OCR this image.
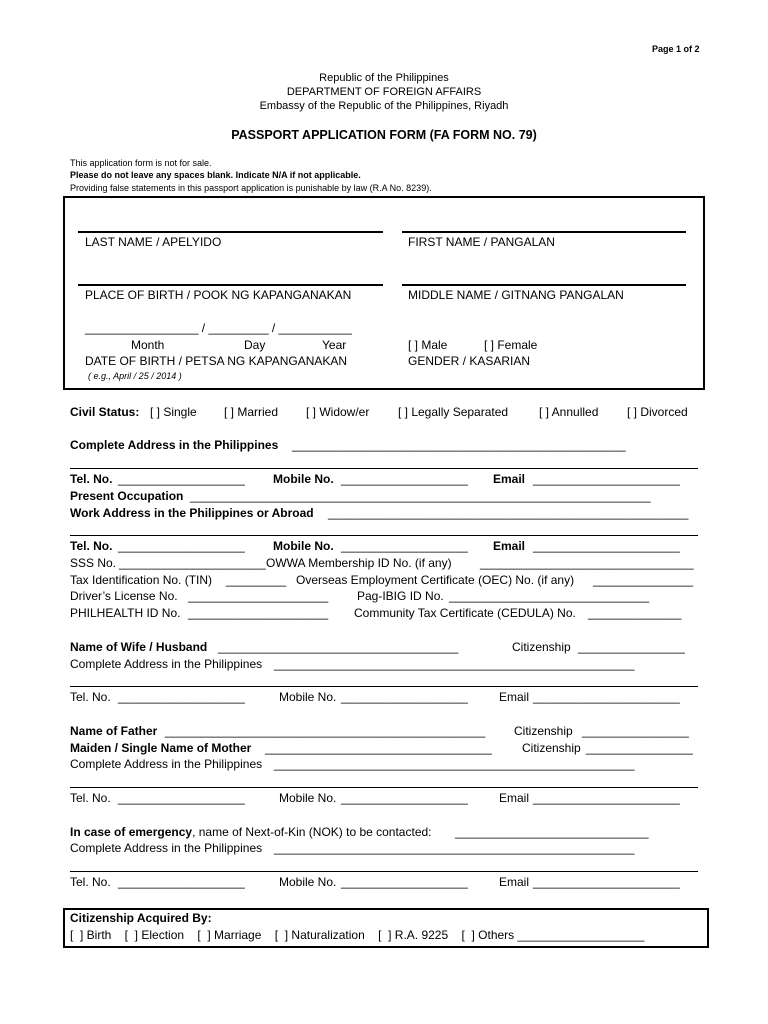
Page 1 of 2
Republic of the Philippines
DEPARTMENT OF FOREIGN AFFAIRS
Embassy of the Republic of the Philippines, Riyadh
PASSPORT APPLICATION FORM (FA FORM NO. 79)
This application form is not for sale.
Please do not leave any spaces blank. Indicate N/A if not applicable.
Providing false statements in this passport application is punishable by law (R.A No. 8239).
LAST NAME / APELYIDO	FIRST NAME / PANGALAN
PLACE OF BIRTH / POOK NG KAPANGANAKAN	MIDDLE NAME / GITNANG PANGALAN
_________________ / _________ / ___________
Month	Day	Year
DATE OF BIRTH / PETSA NG KAPANGANAKAN
( e.g., April / 25 / 2014 )
[ ] Male	[ ] Female
GENDER / KASARIAN
Civil Status: [ ] Single [ ] Married [ ] Widow/er [ ] Legally Separated	[ ] Annulled [ ] Divorced
Complete Address in the Philippines __________________________________________________
Tel. No. ___________________ Mobile No. ___________________ Email ______________________
Present Occupation _____________________________________________________________________
Work Address in the Philippines or Abroad ______________________________________________________
Tel. No. ___________________ Mobile No. ___________________ Email ______________________
SSS No. ______________________ OWWA Membership ID No. (if any) ________________________________
Tax Identification No. (TIN) _________ Overseas Employment Certificate (OEC) No. (if any) _______________
Driver’s License No. _____________________ Pag-IBIG ID No. ______________________________
PHILHEALTH ID No. _____________________ Community Tax Certificate (CEDULA) No. ______________
Name of Wife / Husband ____________________________________	Citizenship ________________
Complete Address in the Philippines ______________________________________________________
Tel. No. ___________________	Mobile No. ___________________	Email ______________________
Name of Father ________________________________________________ Citizenship ________________
Maiden / Single Name of Mother __________________________________	Citizenship ________________
Complete Address in the Philippines ______________________________________________________
Tel. No. ___________________	Mobile No. ___________________	Email ______________________
In case of emergency, name of Next-of-Kin (NOK) to be contacted: _____________________________
Complete Address in the Philippines ______________________________________________________
Tel. No. ___________________	Mobile No. ___________________	Email ______________________
Citizenship Acquired By:
[  ] Birth    [  ] Election    [  ] Marriage    [  ] Naturalization    [  ] R.A. 9225    [  ] Others ___________________
